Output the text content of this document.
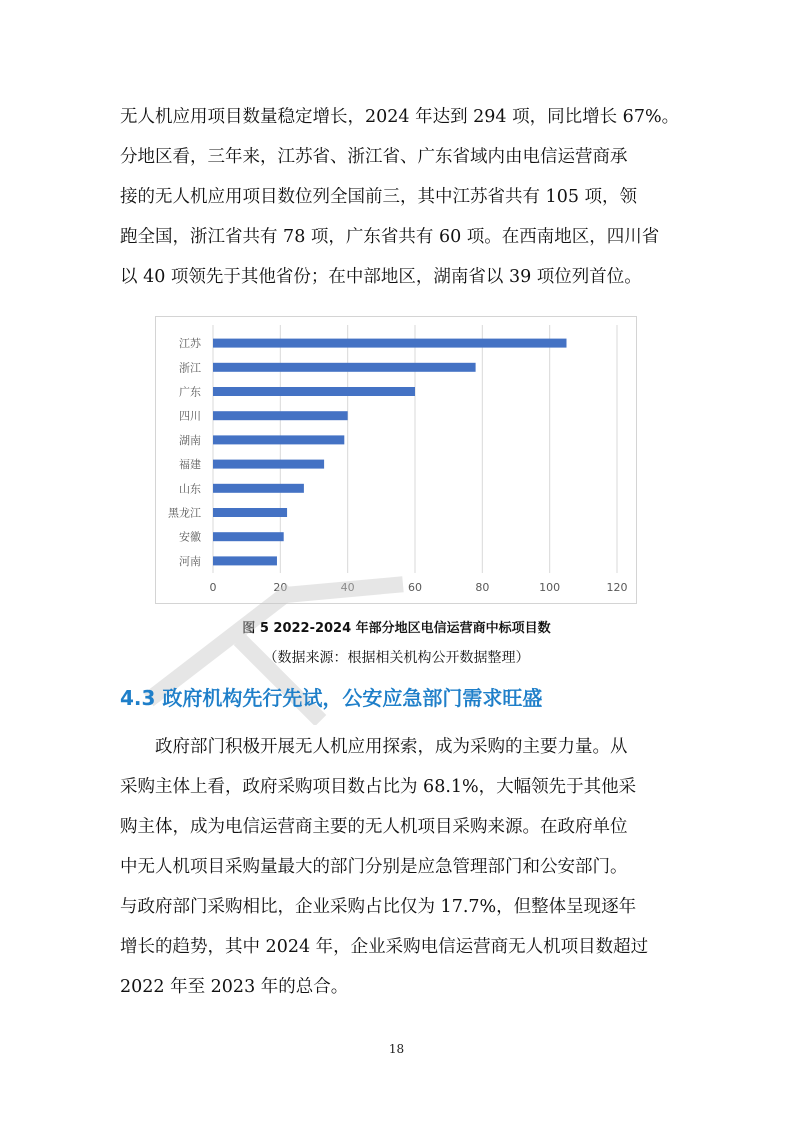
无人机应用项目数量稳定增长，2024 年达到 294 项，同比增长 67%。
分地区看，三年来，江苏省、浙江省、广东省域内由电信运营商承
接的无人机应用项目数位列全国前三，其中江苏省共有 105 项，领
跑全国，浙江省共有 78 项，广东省共有 60 项。在西南地区，四川省
以 40 项领先于其他省份；在中部地区，湖南省以 39 项位列首位。
0	20	40	60	80	100	120
江苏
浙江
广东
四川
湖南
福建
山东
黑龙江
安徽
河南
图 5 2022-2024 年部分地区电信运营商中标项目数
（数据来源：根据相关机构公开数据整理）
4.3 政府机构先行先试，公安应急部门需求旺盛
　　政府部门积极开展无人机应用探索，成为采购的主要力量。从
采购主体上看，政府采购项目数占比为 68.1%，大幅领先于其他采
购主体，成为电信运营商主要的无人机项目采购来源。在政府单位
中无人机项目采购量最大的部门分别是应急管理部门和公安部门。
与政府部门采购相比，企业采购占比仅为 17.7%，但整体呈现逐年
增长的趋势，其中 2024 年，企业采购电信运营商无人机项目数超过
2022 年至 2023 年的总合。
18
